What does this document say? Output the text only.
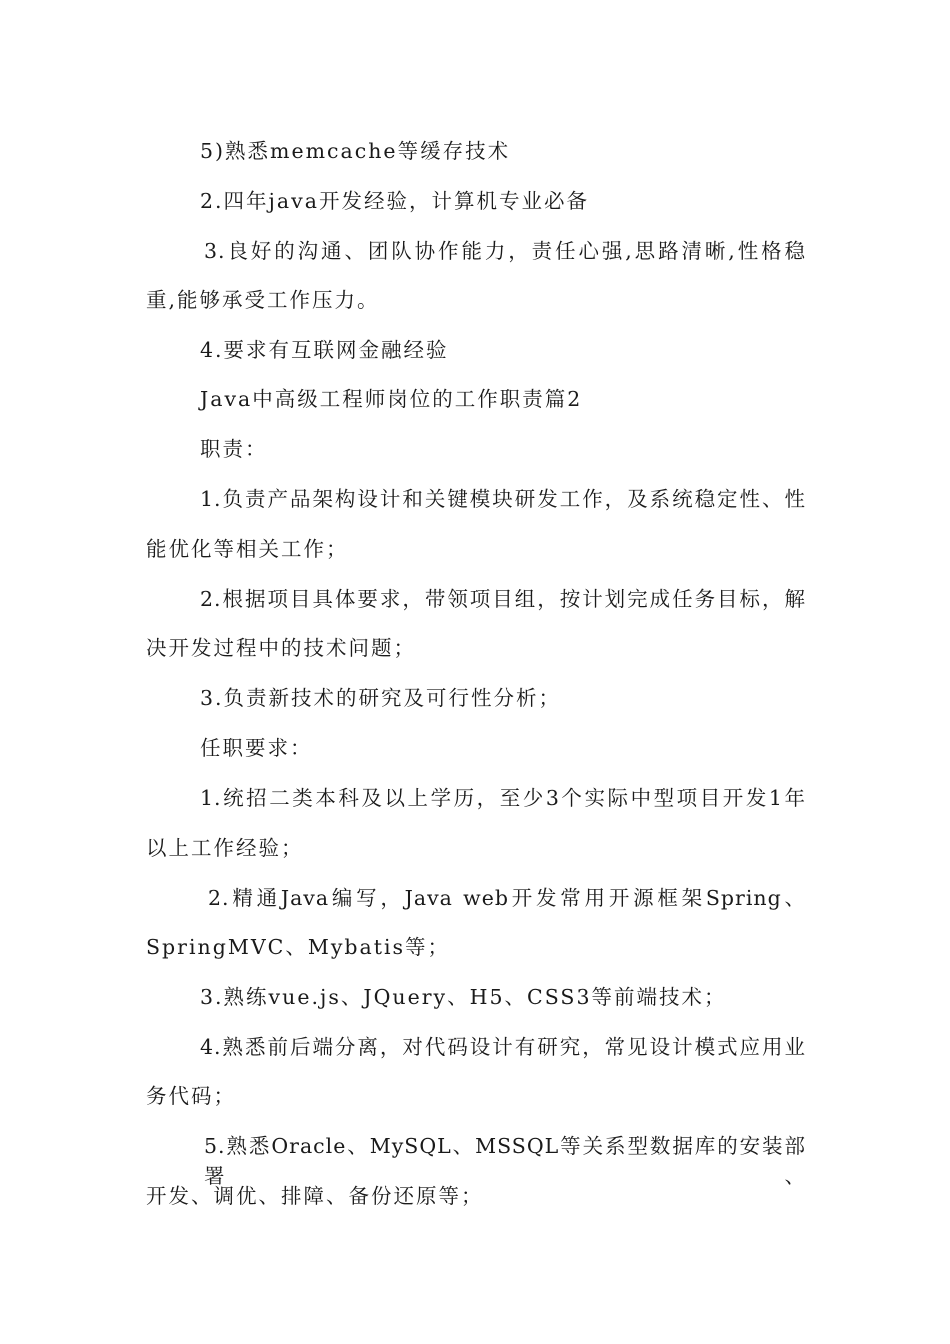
5)熟悉memcache等缓存技术
2.四年java开发经验，计算机专业必备
3.良好的沟通、团队协作能力，责任心强,思路清晰,性格稳
重,能够承受工作压力。
4.要求有互联网金融经验
Java中高级工程师岗位的工作职责篇2
职责：
1.负责产品架构设计和关键模块研发工作，及系统稳定性、性
能优化等相关工作；
2.根据项目具体要求，带领项目组，按计划完成任务目标，解
决开发过程中的技术问题；
3.负责新技术的研究及可行性分析；
任职要求：
1.统招二类本科及以上学历，至少3个实际中型项目开发1年
以上工作经验；
2.精通Java编写，Java web开发常用开源框架Spring、
SpringMVC、Mybatis等；
3.熟练vue.js、JQuery、H5、CSS3等前端技术；
4.熟悉前后端分离，对代码设计有研究，常见设计模式应用业
务代码；
5.熟悉Oracle、MySQL、MSSQL等关系型数据库的安装部署、
开发、调优、排障、备份还原等；
